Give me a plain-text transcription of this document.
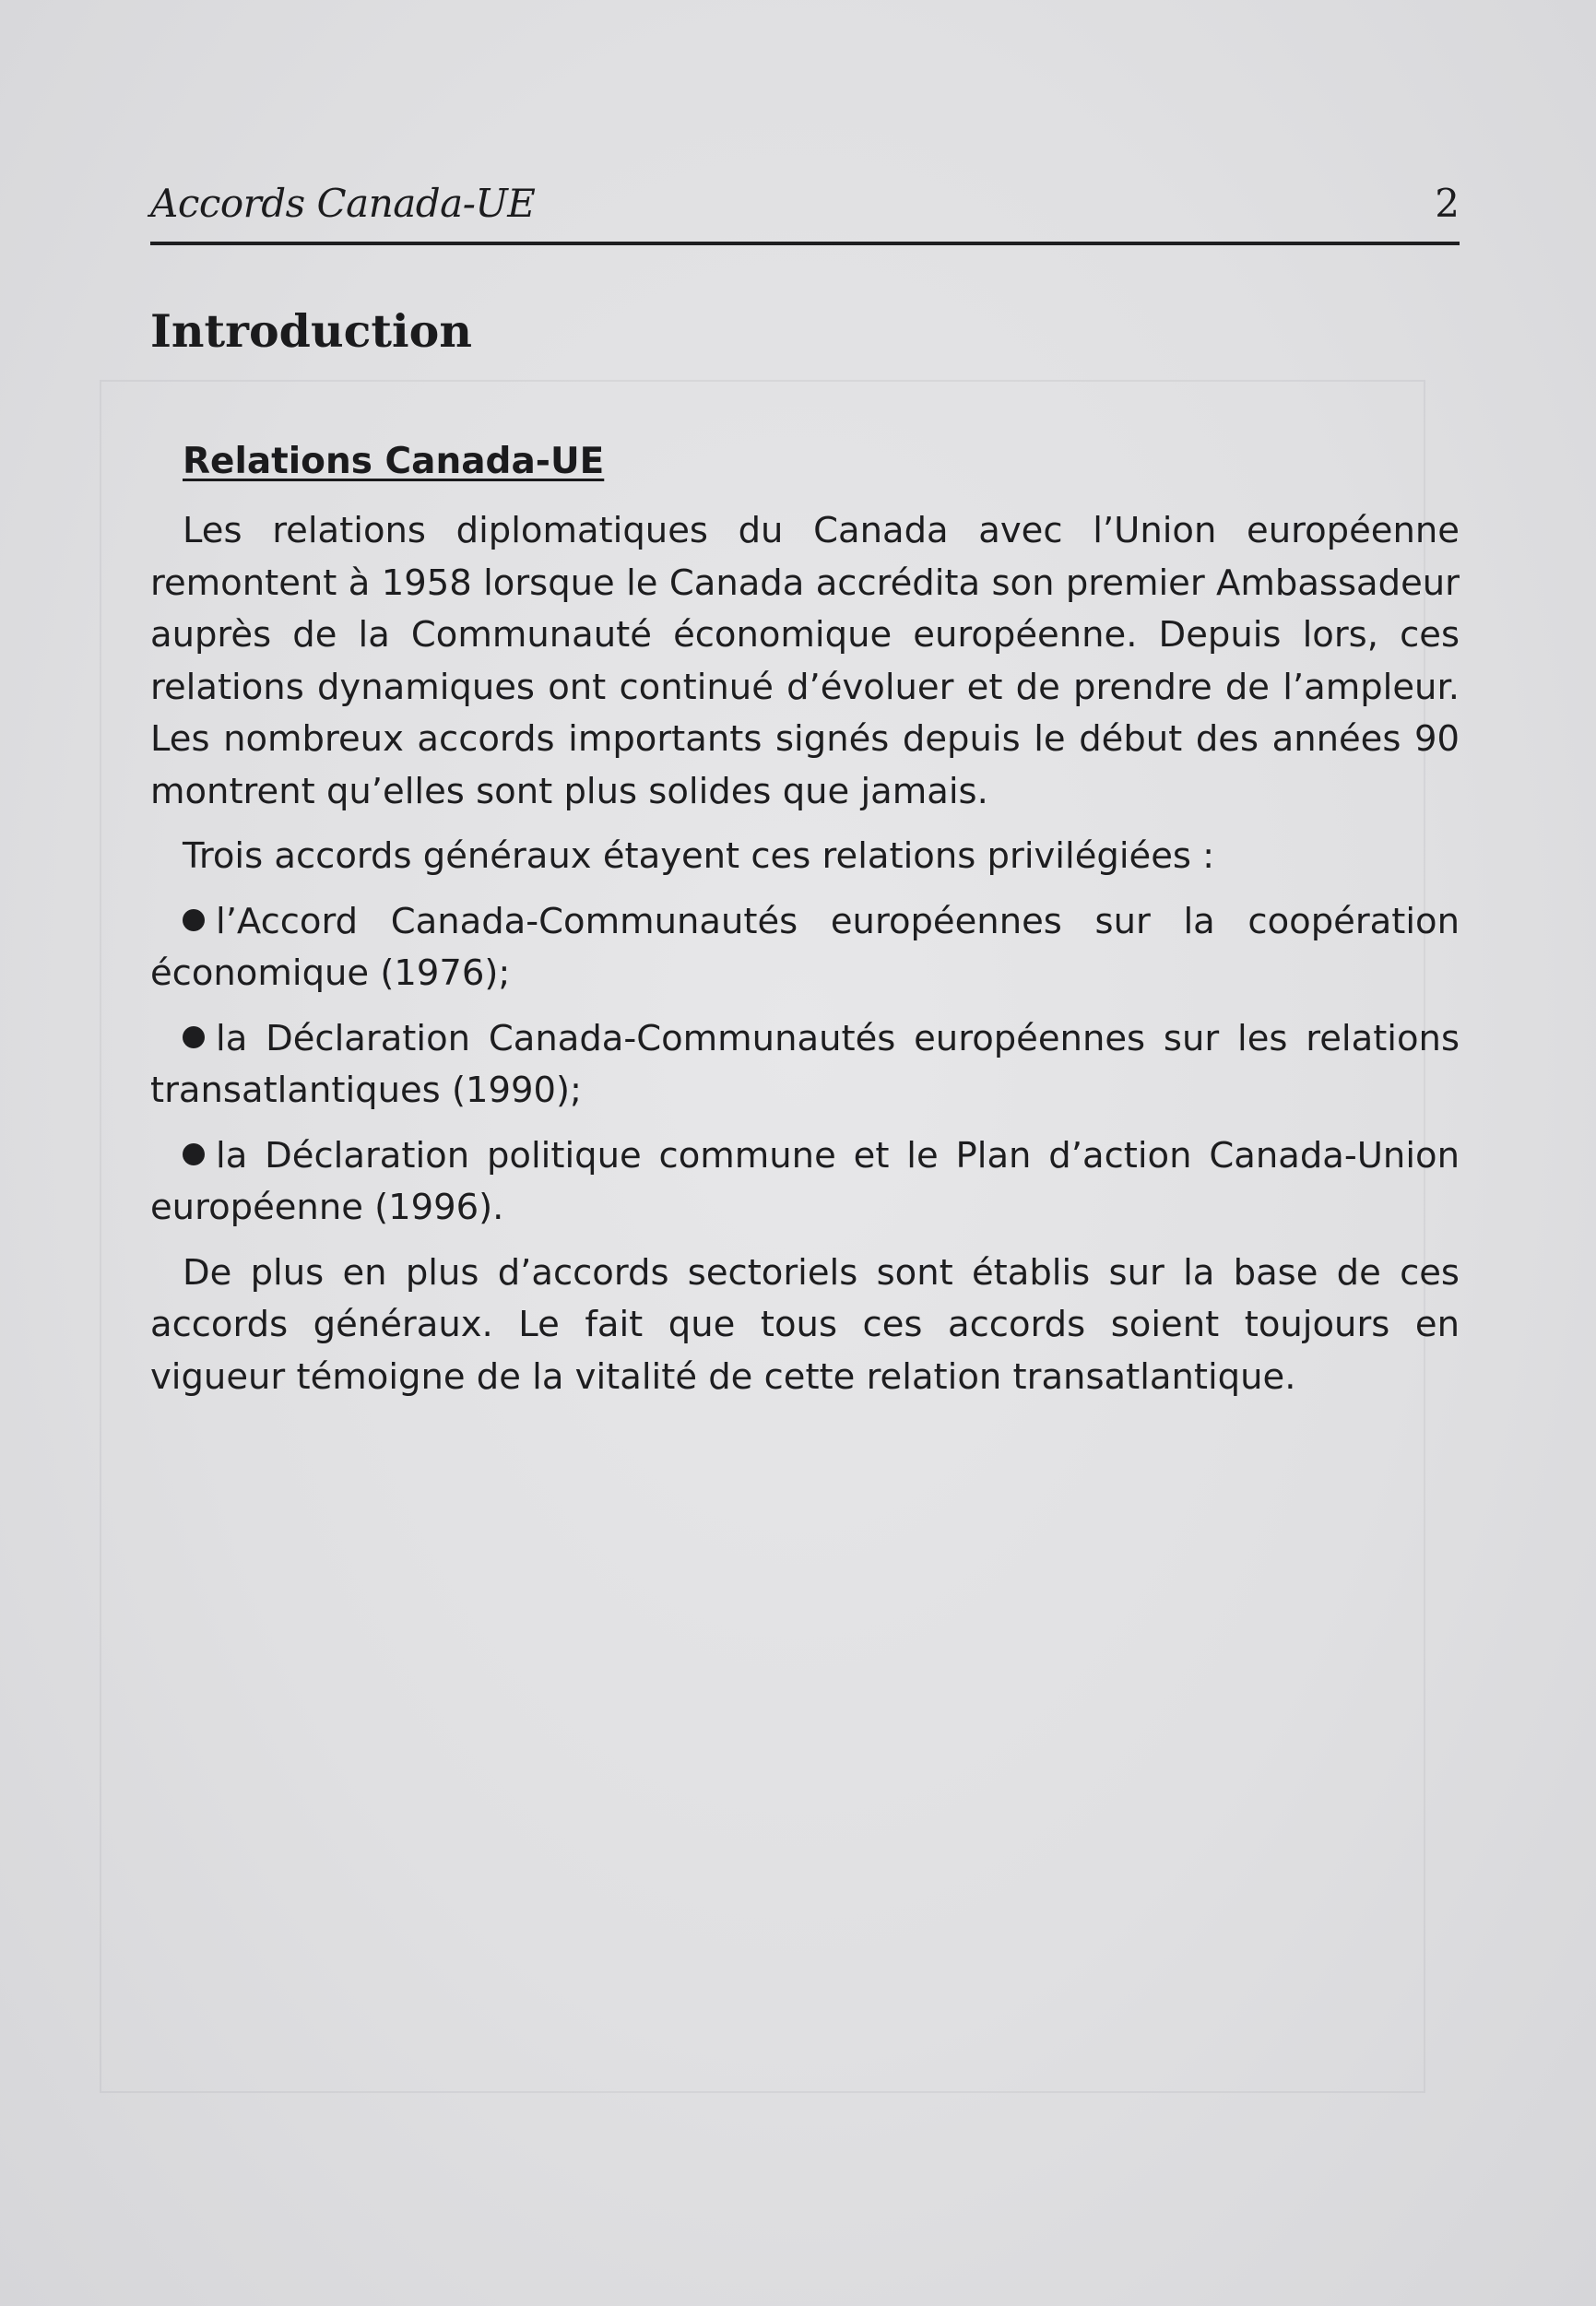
Accords Canada-UE	2
Introduction
Relations Canada-UE

Les relations diplomatiques du Canada avec l’Union européenne remontent à 1958 lorsque le Canada accrédita son premier Ambassadeur auprès de la Communauté économique européenne. Depuis lors, ces relations dynamiques ont continué d’évoluer et de prendre de l’ampleur. Les nombreux accords importants signés depuis le début des années 90 montrent qu’elles sont plus solides que jamais.

Trois accords généraux étayent ces relations privilégiées :

l’Accord Canada-Communautés européennes sur la coopération économique (1976);
la Déclaration Canada-Communautés européennes sur les relations transatlantiques (1990);
la Déclaration politique commune et le Plan d’action Canada-Union européenne (1996).

De plus en plus d’accords sectoriels sont établis sur la base de ces accords généraux. Le fait que tous ces accords soient toujours en vigueur témoigne de la vitalité de cette relation transatlantique.
